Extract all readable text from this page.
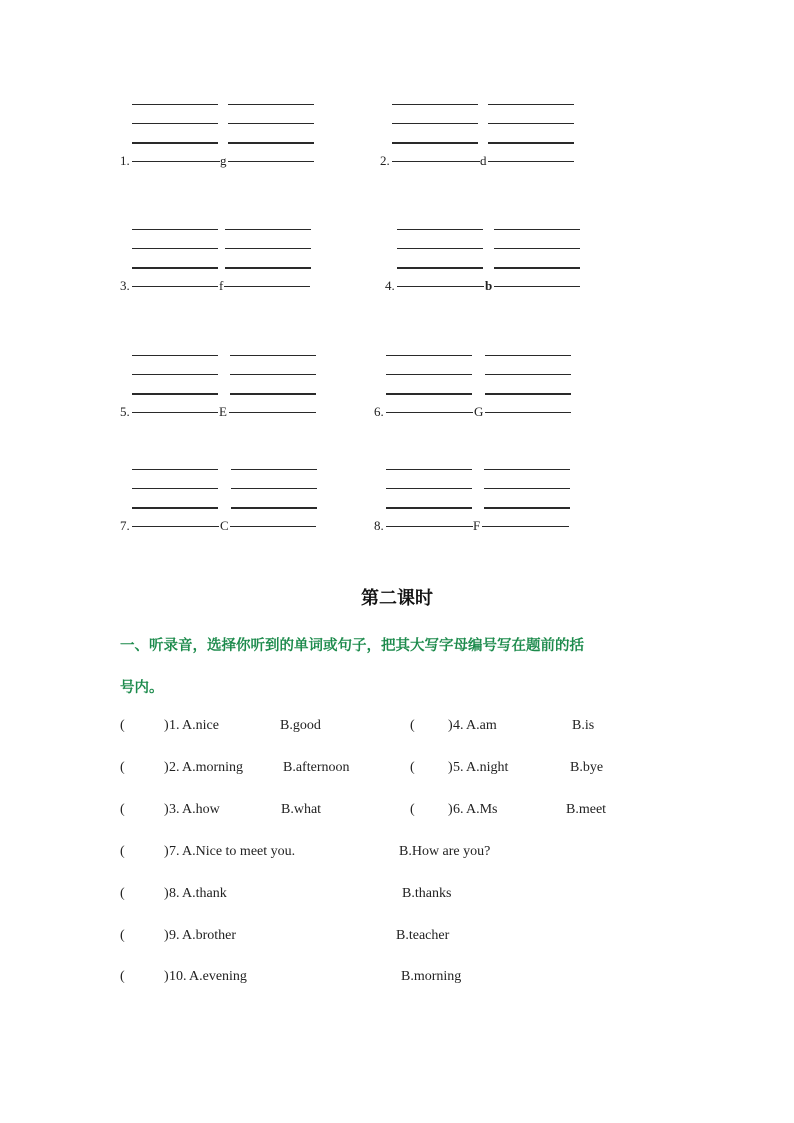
1.	g	2.	d
3.	f	4.	b
5.	E	6.	G
7.	C	8.	F
第二课时
一、听录音，选择你听到的单词或句子，把其大写字母编号写在题前的括
号内。
(	) 1. A.nice	B.good	( ) 4. A.am	B.is
(	) 2. A.morning	B.afternoon	( ) 5. A.night	B.bye
(	) 3. A.how	B.what	( ) 6. A.Ms	B.meet
(	) 7. A.Nice to meet you.	B.How are you?
(	) 8. A.thank	B.thanks
(	) 9. A.brother	B.teacher
(	) 10. A.evening	B.morning
